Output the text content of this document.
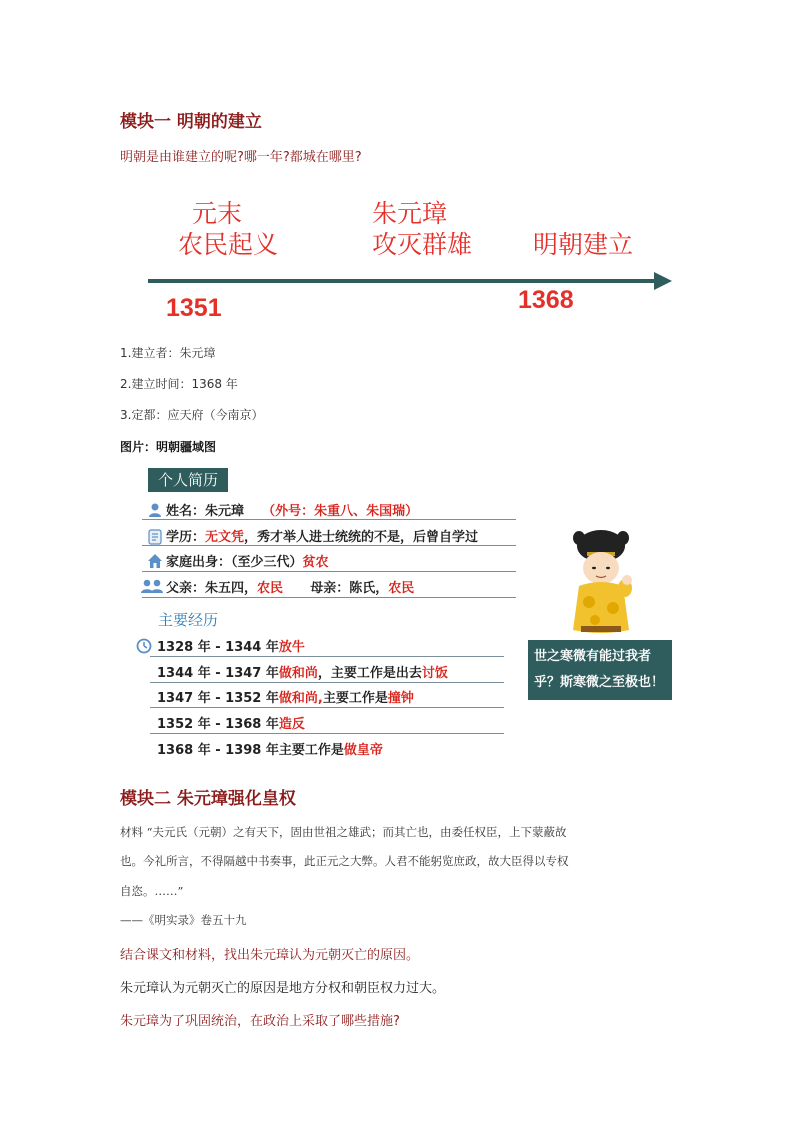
模块一 明朝的建立
明朝是由谁建立的呢?哪一年?都城在哪里?
元末
农民起义
朱元璋
攻灭群雄 明朝建立
1351	1368
1.建立者：朱元璋
2.建立时间：1368 年
3.定都：应天府（今南京）
图片：明朝疆域图
个人简历
姓名：朱元璋 （外号：朱重八、朱国瑞）
学历：无文凭，秀才举人进士统统的不是，后曾自学过
家庭出身：（至少三代）贫农
父亲：朱五四，农民 母亲：陈氏，农民
主要经历
1328 年 - 1344 年放牛
1344 年 - 1347 年做和尚，主要工作是出去讨饭
1347 年 - 1352 年做和尚,主要工作是撞钟
1352 年 - 1368 年造反
1368 年 - 1398 年主要工作是做皇帝
世之寒微有能过我者乎？斯寒微之至极也！
模块二 朱元璋强化皇权
材料 “夫元氏（元朝）之有天下，固由世祖之雄武；而其亡也，由委任权臣，上下蒙蔽故
也。今礼所言，不得隔越中书奏事，此正元之大弊。人君不能躬览庶政，故大臣得以专权
自恣。……”
——《明实录》卷五十九
结合课文和材料，找出朱元璋认为元朝灭亡的原因。
朱元璋认为元朝灭亡的原因是地方分权和朝臣权力过大。
朱元璋为了巩固统治，在政治上采取了哪些措施?
